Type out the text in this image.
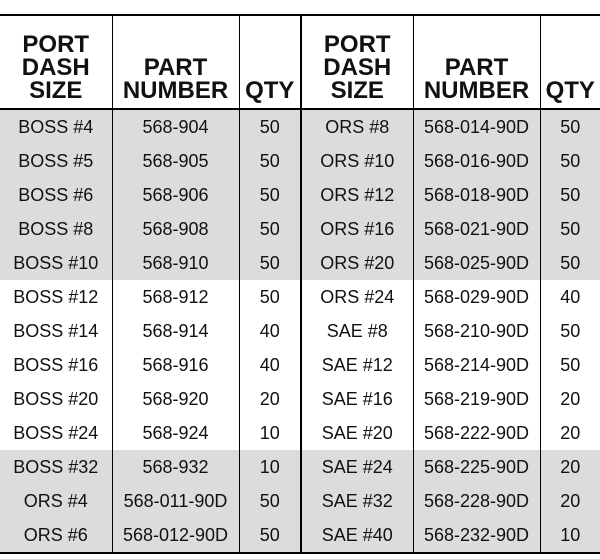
PORT
DASH
SIZE	PART
NUMBER	QTY	PORT
DASH
SIZE	PART
NUMBER	QTY
BOSS #4	568-904	50	ORS #8	568-014-90D	50
BOSS #5	568-905	50	ORS #10	568-016-90D	50
BOSS #6	568-906	50	ORS #12	568-018-90D	50
BOSS #8	568-908	50	ORS #16	568-021-90D	50
BOSS #10	568-910	50	ORS #20	568-025-90D	50
BOSS #12	568-912	50	ORS #24	568-029-90D	40
BOSS #14	568-914	40	SAE #8	568-210-90D	50
BOSS #16	568-916	40	SAE #12	568-214-90D	50
BOSS #20	568-920	20	SAE #16	568-219-90D	20
BOSS #24	568-924	10	SAE #20	568-222-90D	20
BOSS #32	568-932	10	SAE #24	568-225-90D	20
ORS #4	568-011-90D	50	SAE #32	568-228-90D	20
ORS #6	568-012-90D	50	SAE #40	568-232-90D	10
